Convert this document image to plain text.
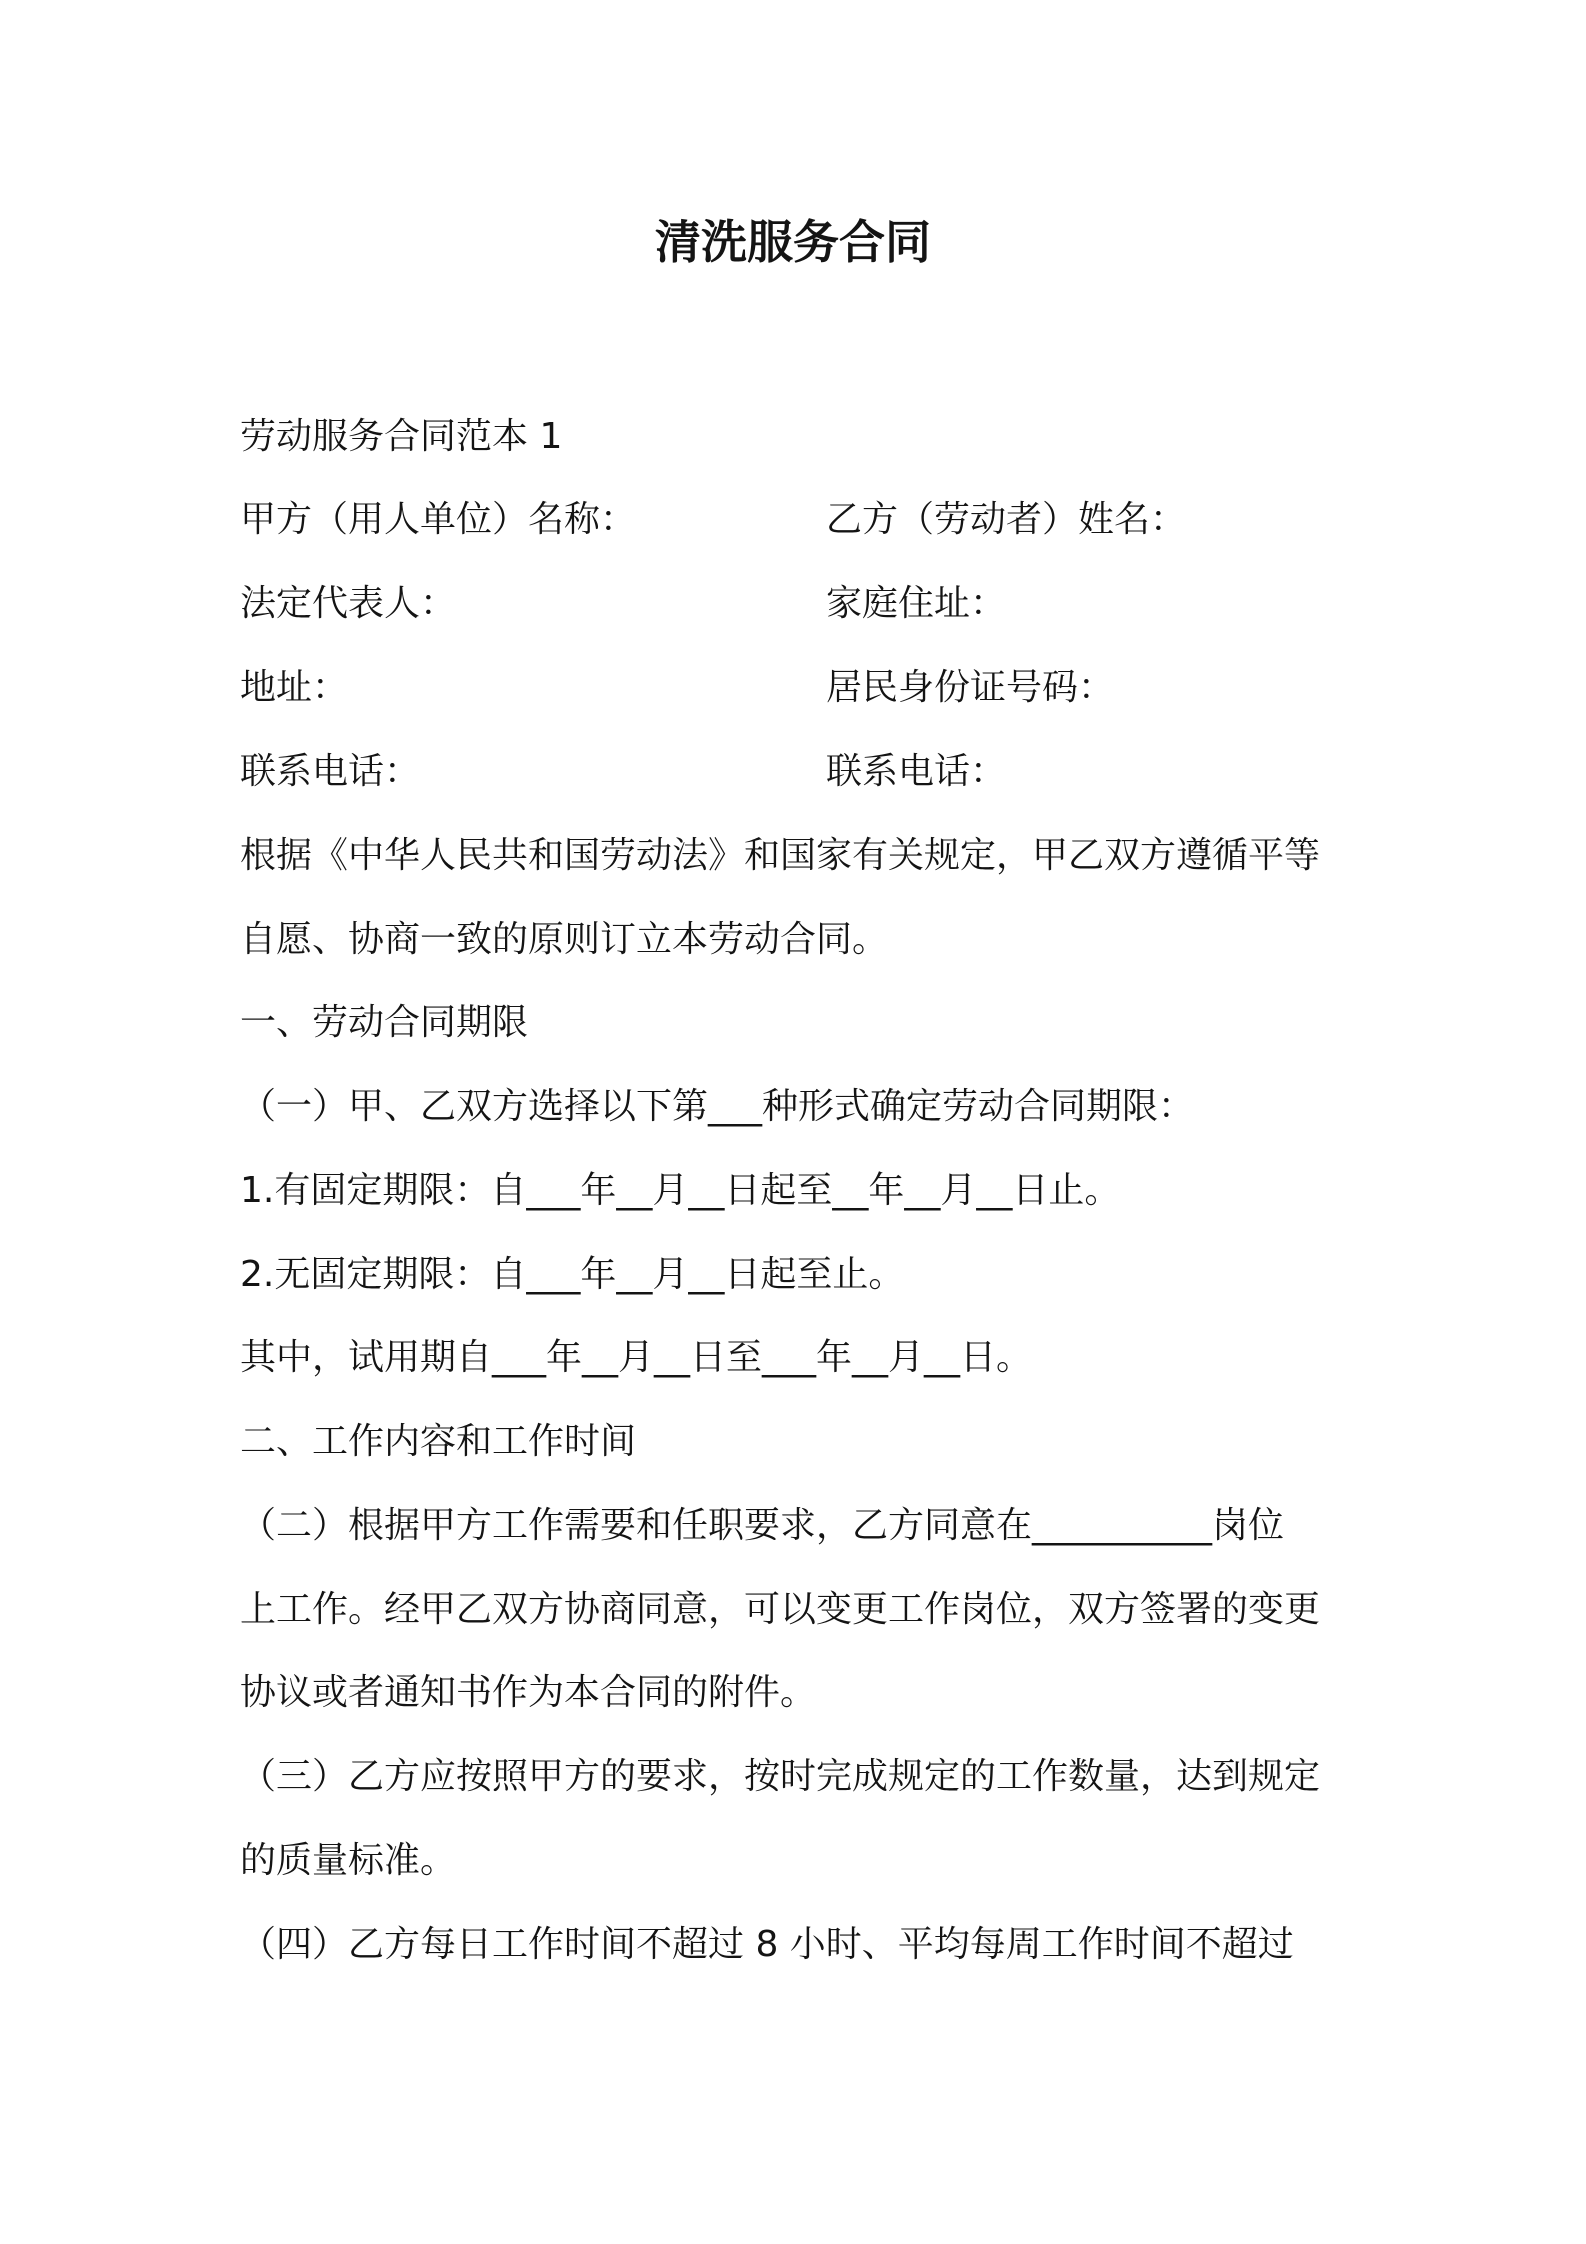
清洗服务合同
劳动服务合同范本 1
甲方（用人单位）名称：	乙方（劳动者）姓名：
法定代表人：	家庭住址：
地址：	居民身份证号码：
联系电话：	联系电话：
根据《中华人民共和国劳动法》和国家有关规定，甲乙双方遵循平等
自愿、协商一致的原则订立本劳动合同。
一、劳动合同期限
（一）甲、乙双方选择以下第___种形式确定劳动合同期限：
1.有固定期限：自___年__月__日起至__年__月__日止。
2.无固定期限：自___年__月__日起至止。
其中，试用期自___年__月__日至___年__月__日。
二、工作内容和工作时间
（二）根据甲方工作需要和任职要求，乙方同意在__________岗位
上工作。经甲乙双方协商同意，可以变更工作岗位，双方签署的变更
协议或者通知书作为本合同的附件。
（三）乙方应按照甲方的要求，按时完成规定的工作数量，达到规定
的质量标准。
（四）乙方每日工作时间不超过 8 小时、平均每周工作时间不超过
